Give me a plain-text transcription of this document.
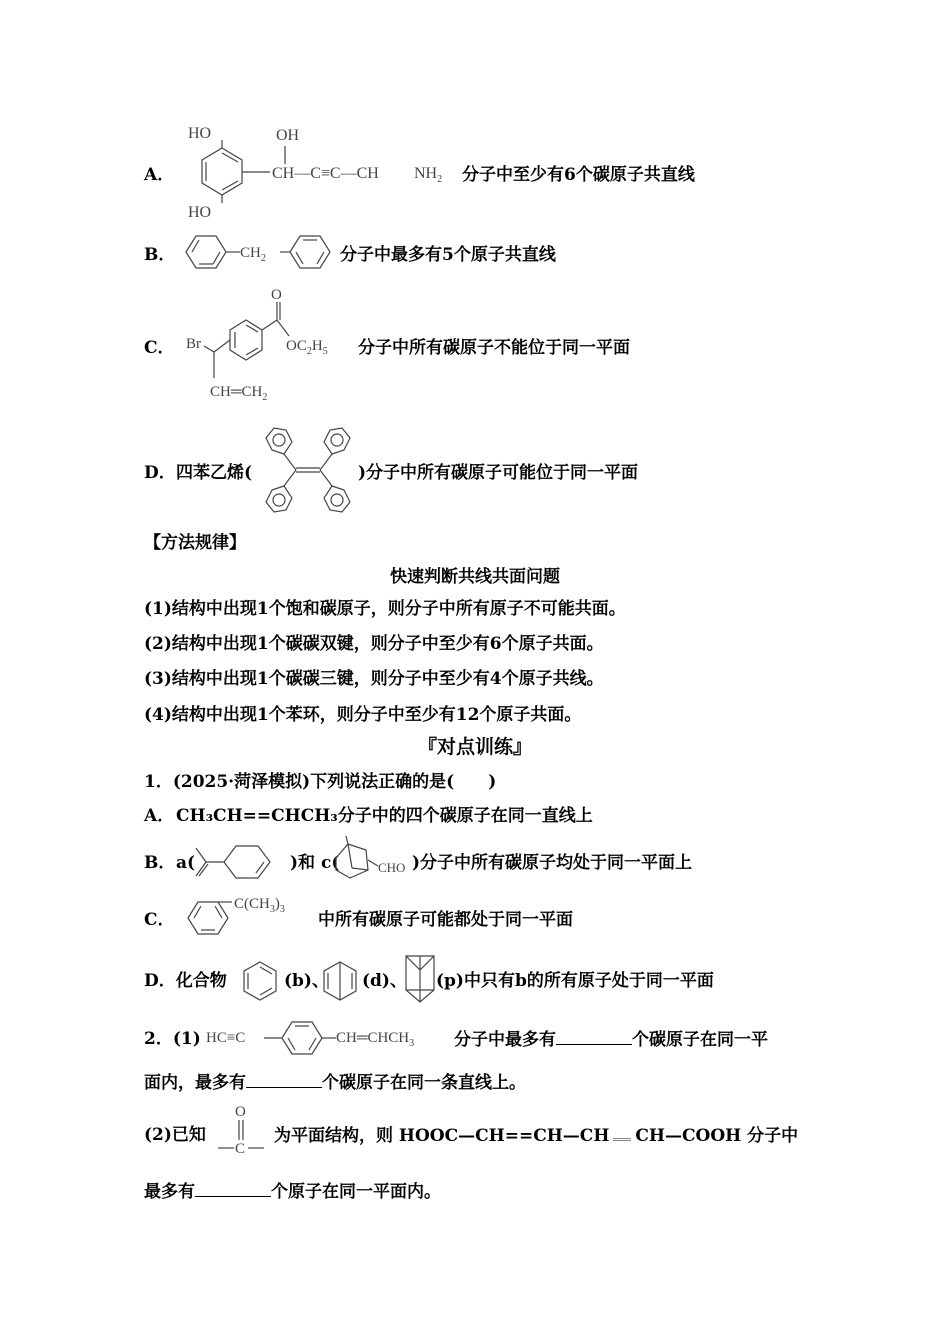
A．
HO	OH
HO
CH—C≡C—CH $NH_2$ 分子中至少有6个碳原子共直线
B．	$CH_2$	分子中最多有5个原子共直线
C． Br
O
$OC_2H_5$
$CH═CH_2$
分子中所有碳原子不能位于同一平面
D． 四苯乙烯(	)分子中所有碳原子可能位于同一平面
【方法规律】
快速判断共线共面问题
(1)结构中出现1个饱和碳原子，则分子中所有原子不可能共面。
(2)结构中出现1个碳碳双键，则分子中至少有6个原子共面。
(3)结构中出现1个碳碳三键，则分子中至少有4个原子共线。
(4)结构中出现1个苯环，则分子中至少有12个原子共面。
『对点训练』
1．(2025·菏泽模拟)下列说法正确的是(　　)
A． CH₃CH==CHCH₃分子中的四个碳原子在同一直线上
B． a(	)和 c(	CHO )分子中所有碳原子均处于同一平面上
C．
$C(CH_3)_3$
中所有碳原子可能都处于同一平面
D．化合物	(b)、 (d)、 (p)中只有b的所有原子处于同一平面
2．(1) HC≡C	$CH═CHCH_3$ 分子中最多有	个碳原子在同一平
面内，最多有	个碳原子在同一条直线上。
(2)已知
O
C
为平面结构，则 HOOC—CH==CH—CH CH—COOH 分子中
最多有	个原子在同一平面内。
